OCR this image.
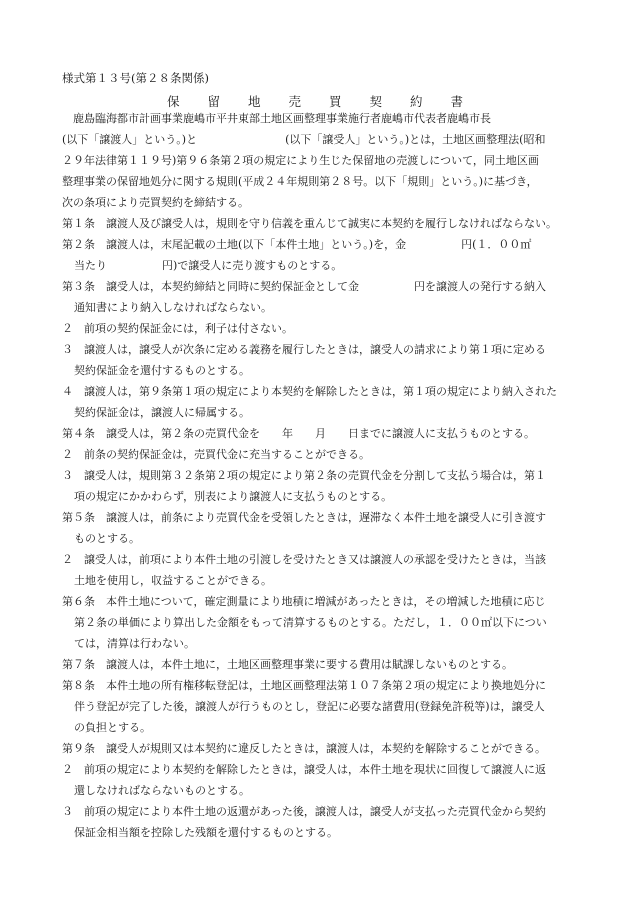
様式第１３号(第２８条関係)
保　留　地　売　買　契　約　書
　鹿島臨海都市計画事業鹿嶋市平井東部土地区画整理事業施行者鹿嶋市代表者鹿嶋市長
(以下「譲渡人」という。)と　　　　　　　　(以下「譲受人」という。)とは，土地区画整理法(昭和
２９年法律第１１９号)第９６条第２項の規定により生じた保留地の売渡しについて，同土地区画
整理事業の保留地処分に関する規則(平成２４年規則第２８号。以下「規則」という。)に基づき，
次の条項により売買契約を締結する。
第１条　譲渡人及び譲受人は，規則を守り信義を重んじて誠実に本契約を履行しなければならない。
第２条　譲渡人は，末尾記載の土地(以下「本件土地」という。)を，金　　　　　円(１．００㎡
当たり　　　　　円)で譲受人に売り渡すものとする。
第３条　譲受人は，本契約締結と同時に契約保証金として金　　　　　円を譲渡人の発行する納入
通知書により納入しなければならない。
２　前項の契約保証金には，利子は付さない。
３　譲渡人は，譲受人が次条に定める義務を履行したときは，譲受人の請求により第１項に定める
契約保証金を還付するものとする。
４　譲渡人は，第９条第１項の規定により本契約を解除したときは，第１項の規定により納入された
契約保証金は，譲渡人に帰属する。
第４条　譲受人は，第２条の売買代金を　　年　　月　　日までに譲渡人に支払うものとする。
２　前条の契約保証金は，売買代金に充当することができる。
３　譲受人は，規則第３２条第２項の規定により第２条の売買代金を分割して支払う場合は，第１
項の規定にかかわらず，別表により譲渡人に支払うものとする。
第５条　譲渡人は，前条により売買代金を受領したときは，遅滞なく本件土地を譲受人に引き渡す
ものとする。
２　譲受人は，前項により本件土地の引渡しを受けたとき又は譲渡人の承認を受けたときは，当該
土地を使用し，収益することができる。
第６条　本件土地について，確定測量により地積に増減があったときは，その増減した地積に応じ
第２条の単価により算出した金額をもって清算するものとする。ただし，１．００㎡以下につい
ては，清算は行わない。
第７条　譲渡人は，本件土地に，土地区画整理事業に要する費用は賦課しないものとする。
第８条　本件土地の所有権移転登記は，土地区画整理法第１０７条第２項の規定により換地処分に
伴う登記が完了した後，譲渡人が行うものとし，登記に必要な諸費用(登録免許税等)は，譲受人
の負担とする。
第９条　譲受人が規則又は本契約に違反したときは，譲渡人は，本契約を解除することができる。
２　前項の規定により本契約を解除したときは，譲受人は，本件土地を現状に回復して譲渡人に返
還しなければならないものとする。
３　前項の規定により本件土地の返還があった後，譲渡人は，譲受人が支払った売買代金から契約
保証金相当額を控除した残額を還付するものとする。
